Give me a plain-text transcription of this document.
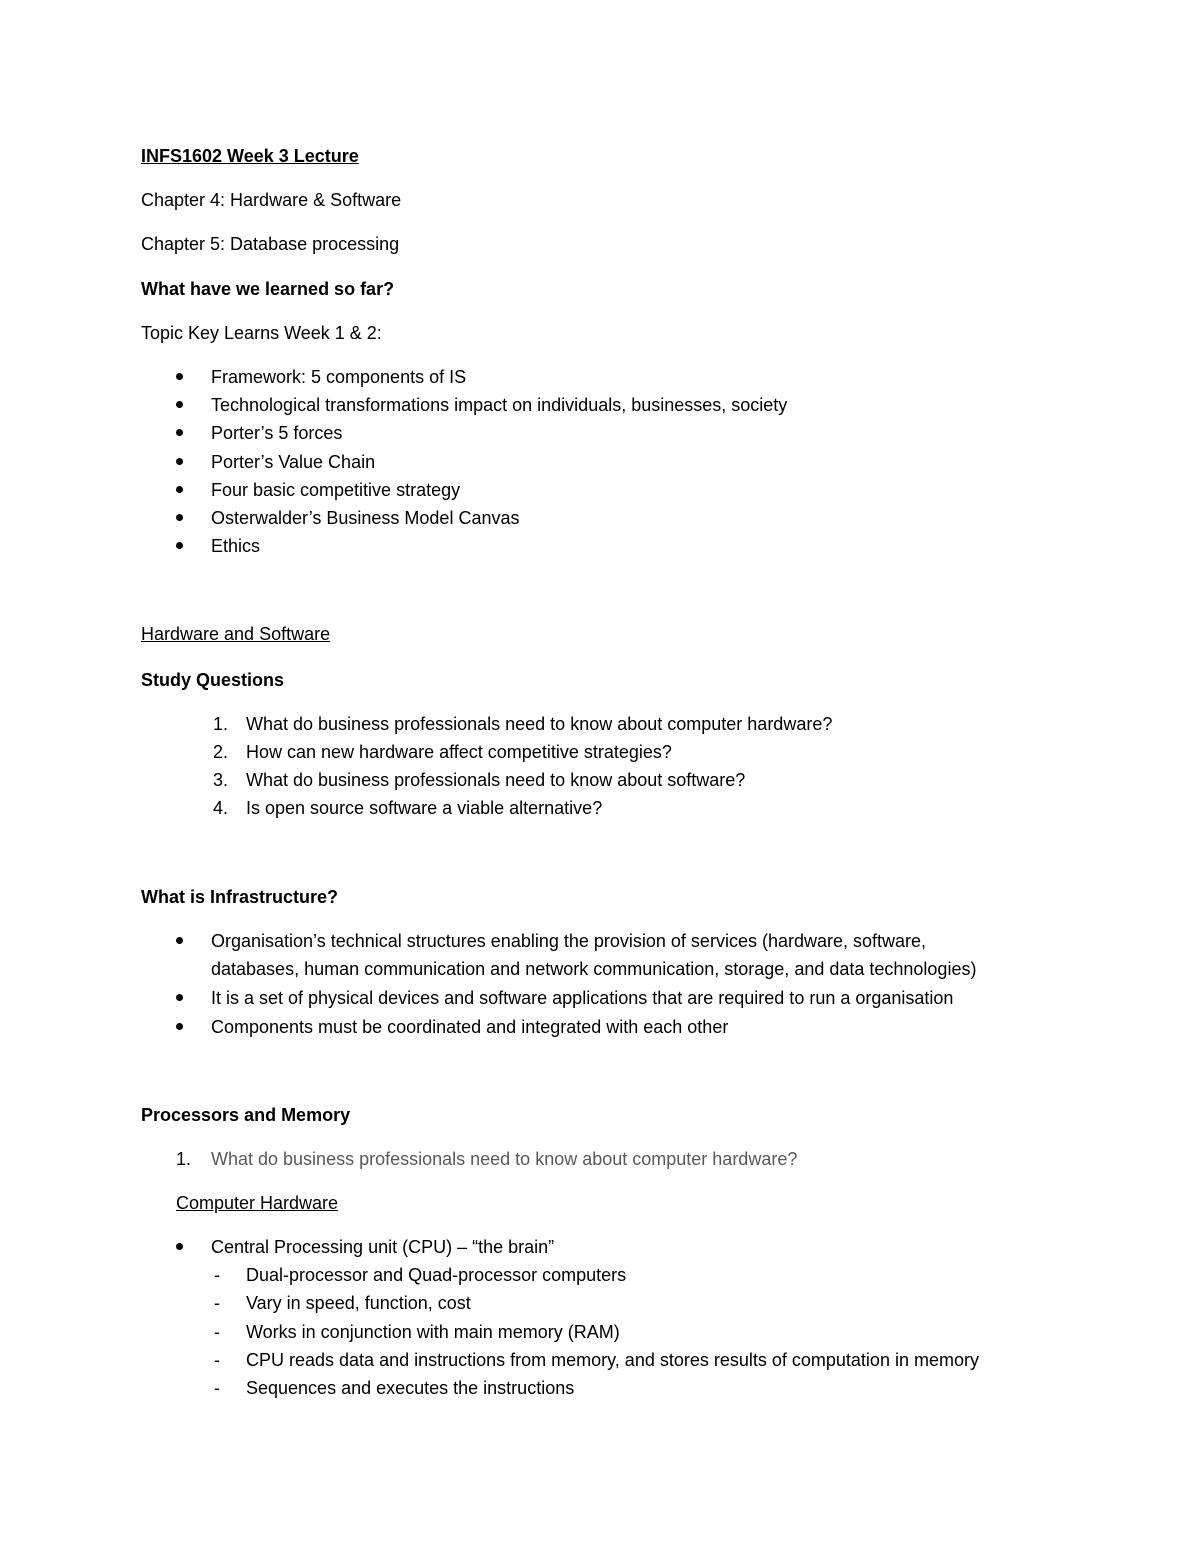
INFS1602 Week 3 Lecture
Chapter 4: Hardware & Software
Chapter 5: Database processing
What have we learned so far?
Topic Key Learns Week 1 & 2:
Framework: 5 components of IS
Technological transformations impact on individuals, businesses, society
Porter’s 5 forces
Porter’s Value Chain
Four basic competitive strategy
Osterwalder’s Business Model Canvas
Ethics
Hardware and Software
Study Questions
1. What do business professionals need to know about computer hardware?
2. How can new hardware affect competitive strategies?
3. What do business professionals need to know about software?
4. Is open source software a viable alternative?
What is Infrastructure?
Organisation’s technical structures enabling the provision of services (hardware, software,
databases, human communication and network communication, storage, and data technologies)
It is a set of physical devices and software applications that are required to run a organisation
Components must be coordinated and integrated with each other
Processors and Memory
1. What do business professionals need to know about computer hardware?
Computer Hardware
Central Processing unit (CPU) – “the brain”
- Dual-processor and Quad-processor computers
- Vary in speed, function, cost
- Works in conjunction with main memory (RAM)
- CPU reads data and instructions from memory, and stores results of computation in memory
- Sequences and executes the instructions
